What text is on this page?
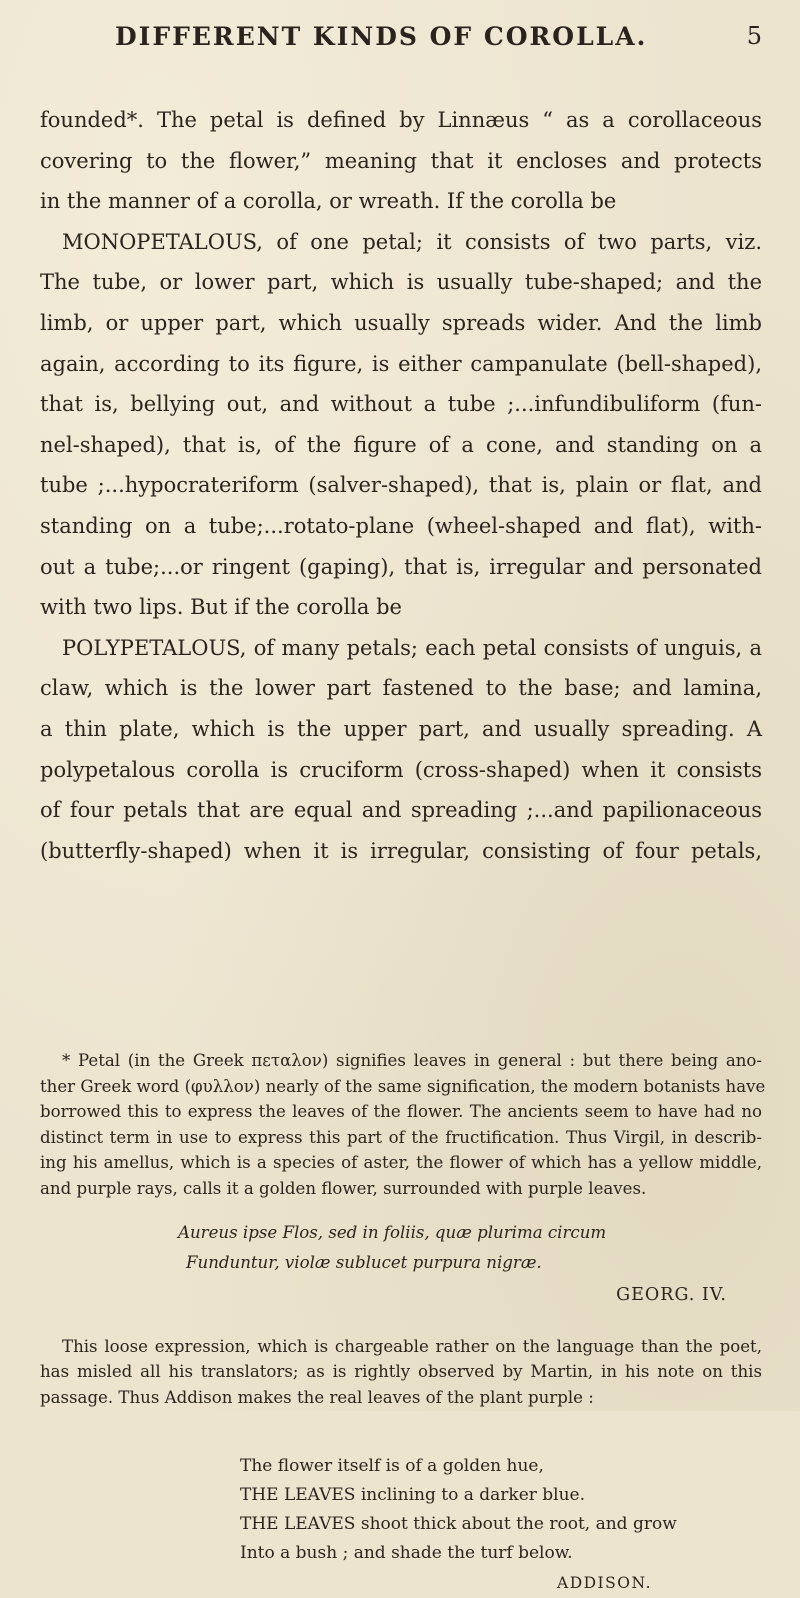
DIFFERENT KINDS OF COROLLA.	5
founded*. The petal is defined by Linnæus “ as a corollaceous
covering to the flower,” meaning that it encloses and protects
in the manner of a corolla, or wreath. If the corolla be
MONOPETALOUS, of one petal; it consists of two parts, viz.
The tube, or lower part, which is usually tube-shaped; and the
limb, or upper part, which usually spreads wider. And the limb
again, according to its figure, is either campanulate (bell-shaped),
that is, bellying out, and without a tube ;...infundibuliform (fun-
nel-shaped), that is, of the figure of a cone, and standing on a
tube ;...hypocrateriform (salver-shaped), that is, plain or flat, and
standing on a tube;...rotato-plane (wheel-shaped and flat), with-
out a tube;...or ringent (gaping), that is, irregular and personated
with two lips. But if the corolla be
POLYPETALOUS, of many petals; each petal consists of unguis, a
claw, which is the lower part fastened to the base; and lamina,
a thin plate, which is the upper part, and usually spreading. A
polypetalous corolla is cruciform (cross-shaped) when it consists
of four petals that are equal and spreading ;...and papilionaceous
(butterfly-shaped) when it is irregular, consisting of four petals,
* Petal (in the Greek πεταλον) signifies leaves in general : but there being ano-
ther Greek word (φυλλον) nearly of the same signification, the modern botanists have
borrowed this to express the leaves of the flower. The ancients seem to have had no
distinct term in use to express this part of the fructification. Thus Virgil, in describ-
ing his amellus, which is a species of aster, the flower of which has a yellow middle,
and purple rays, calls it a golden flower, surrounded with purple leaves.
Aureus ipse Flos, sed in foliis, quæ plurima circum
Funduntur, violæ sublucet purpura nigræ.
GEORG. IV.
This loose expression, which is chargeable rather on the language than the poet,
has misled all his translators; as is rightly observed by Martin, in his note on this
passage. Thus Addison makes the real leaves of the plant purple :
The flower itself is of a golden hue,
THE LEAVES inclining to a darker blue.
THE LEAVES shoot thick about the root, and grow
Into a bush ; and shade the turf below.
ADDISON.
